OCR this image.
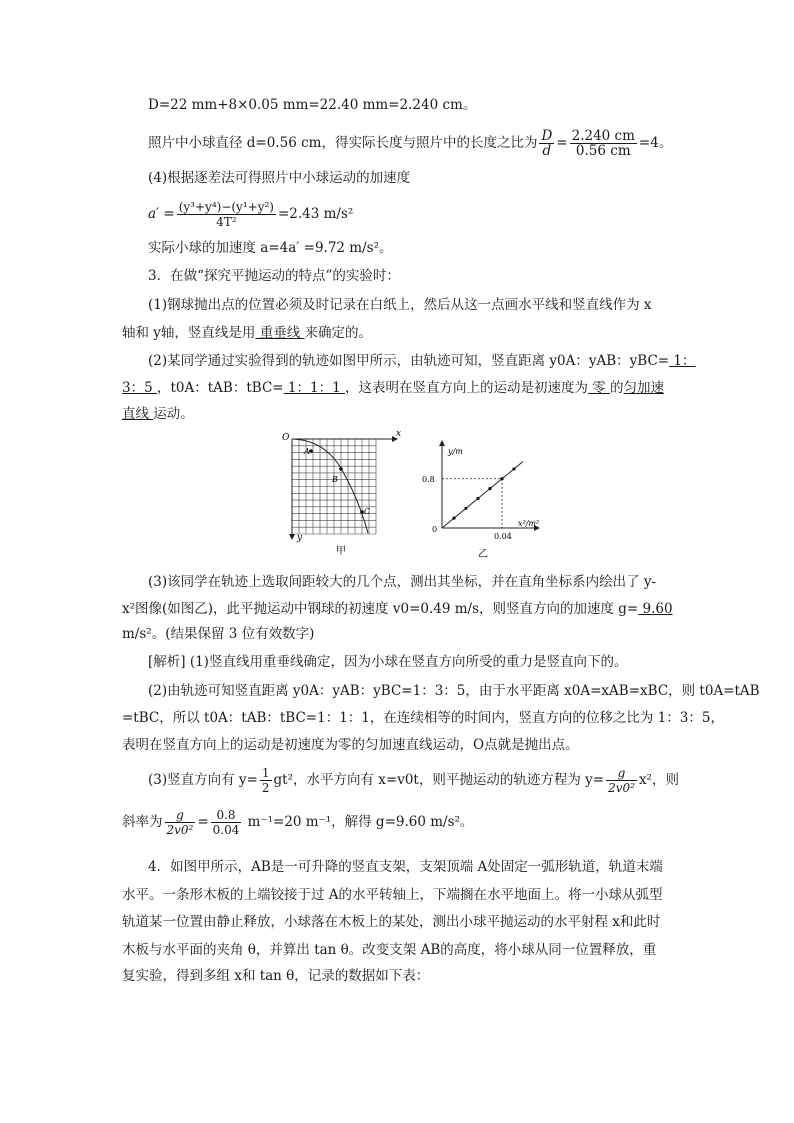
D=22 mm+8×0.05 mm=22.40 mm=2.240 cm。
照片中小球直径 d=0.56 cm，得实际长度与照片中的长度之比为 $\frac{D}{d} = \frac{2.240 cm}{0.56 cm} =4$。
(4)根据逐差法可得照片中小球运动的加速度
$a' = \frac{\text{(y³+y⁴)−(y¹+y²)}}{\text{4T²}} =2.43$ m/s²
实际小球的加速度 a=4a′ =9.72 m/s²。
3．在做“探究平抛运动的特点”的实验时：
(1)钢球抛出点的位置必须及时记录在白纸上，然后从这一点画水平线和竖直线作为 x
轴和 y轴，竖直线是用 重垂线 来确定的。
(2)某同学通过实验得到的轨迹如图甲所示，由轨迹可知，竖直距离 y0A：yAB：yBC= 1：
3：5 ，t0A：tAB：tBC= 1：1：1 ，这表明在竖直方向上的运动是初速度为 零 的匀加速
直线 运动。
O	x
y
A
B
C
甲
y/m
x²/m²
0
0.8
0.04
乙
(3)该同学在轨迹上选取间距较大的几个点，测出其坐标，并在直角坐标系内绘出了 y-
x²图像(如图乙)，此平抛运动中钢球的初速度 v0=0.49 m/s，则竖直方向的加速度 g= 9.60
m/s²。(结果保留 3 位有效数字)
[解析] (1)竖直线用重垂线确定，因为小球在竖直方向所受的重力是竖直向下的。
(2)由轨迹可知竖直距离 y0A：yAB：yBC=1：3：5，由于水平距离 x0A=xAB=xBC，则 t0A=tAB
=tBC，所以 t0A：tAB：tBC=1：1：1，在连续相等的时间内，竖直方向的位移之比为 1：3：5，
表明在竖直方向上的运动是初速度为零的匀加速直线运动，O点就是抛出点。
(3)竖直方向有 $y= \frac{1}{2} gt^2$，水平方向有 x=v0t，则平抛运动的轨迹方程为 $y= \frac{g}{\text{2v0²}} x^2$，则
斜率为 $\frac{g}{\text{2v0²}} = \frac{0.8}{0.04} m^{-1}=20$ m⁻¹，解得 g=9.60 m/s²。
4．如图甲所示，AB是一可升降的竖直支架，支架顶端 A处固定一弧形轨道，轨道末端
水平。一条形木板的上端铰接于过 A的水平转轴上，下端搁在水平地面上。将一小球从弧型
轨道某一位置由静止释放，小球落在木板上的某处，测出小球平抛运动的水平射程 x和此时
木板与水平面的夹角 θ，并算出 tan θ。改变支架 AB的高度，将小球从同一位置释放，重
复实验，得到多组 x和 tan θ，记录的数据如下表：
